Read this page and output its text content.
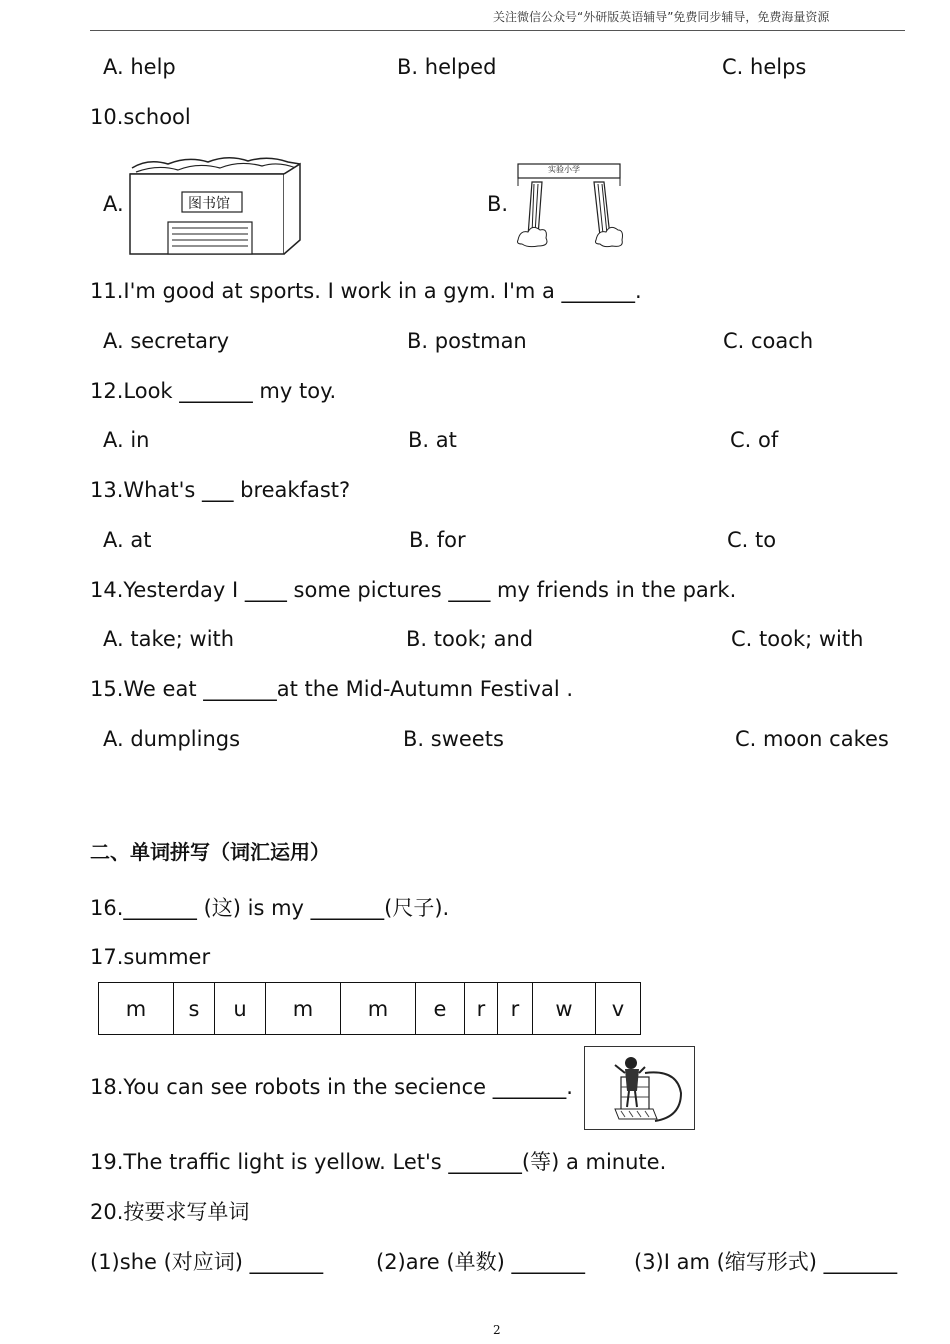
关注微信公众号“外研版英语辅导”免费同步辅导，免费海量资源
A. help	B. helped	C. helps
10.school
A.	图书馆	B.
实验小学
11.I'm good at sports. I work in a gym. I'm a _______.
A. secretary	B. postman	C. coach
12.Look _______ my toy.
A. in	B. at	C. of
13.What's ___ breakfast?
A. at	B. for	C. to
14.Yesterday I ____ some pictures ____ my friends in the park.
A. take; with	B. took; and	C. took; with
15.We eat _______at the Mid-Autumn Festival .
A. dumplings	B. sweets	C. moon cakes
二、单词拼写（词汇运用）
16._______ (这) is my _______(尺子).
17.summer
m	s	u	m	m	e	r	r	w	v
18.You can see robots in the secience _______.
19.The traffic light is yellow. Let's _______(等) a minute.
20.按要求写单词
(1)she (对应词) _______	(2)are (单数) _______ (3)I am (缩写形式) _______
2
